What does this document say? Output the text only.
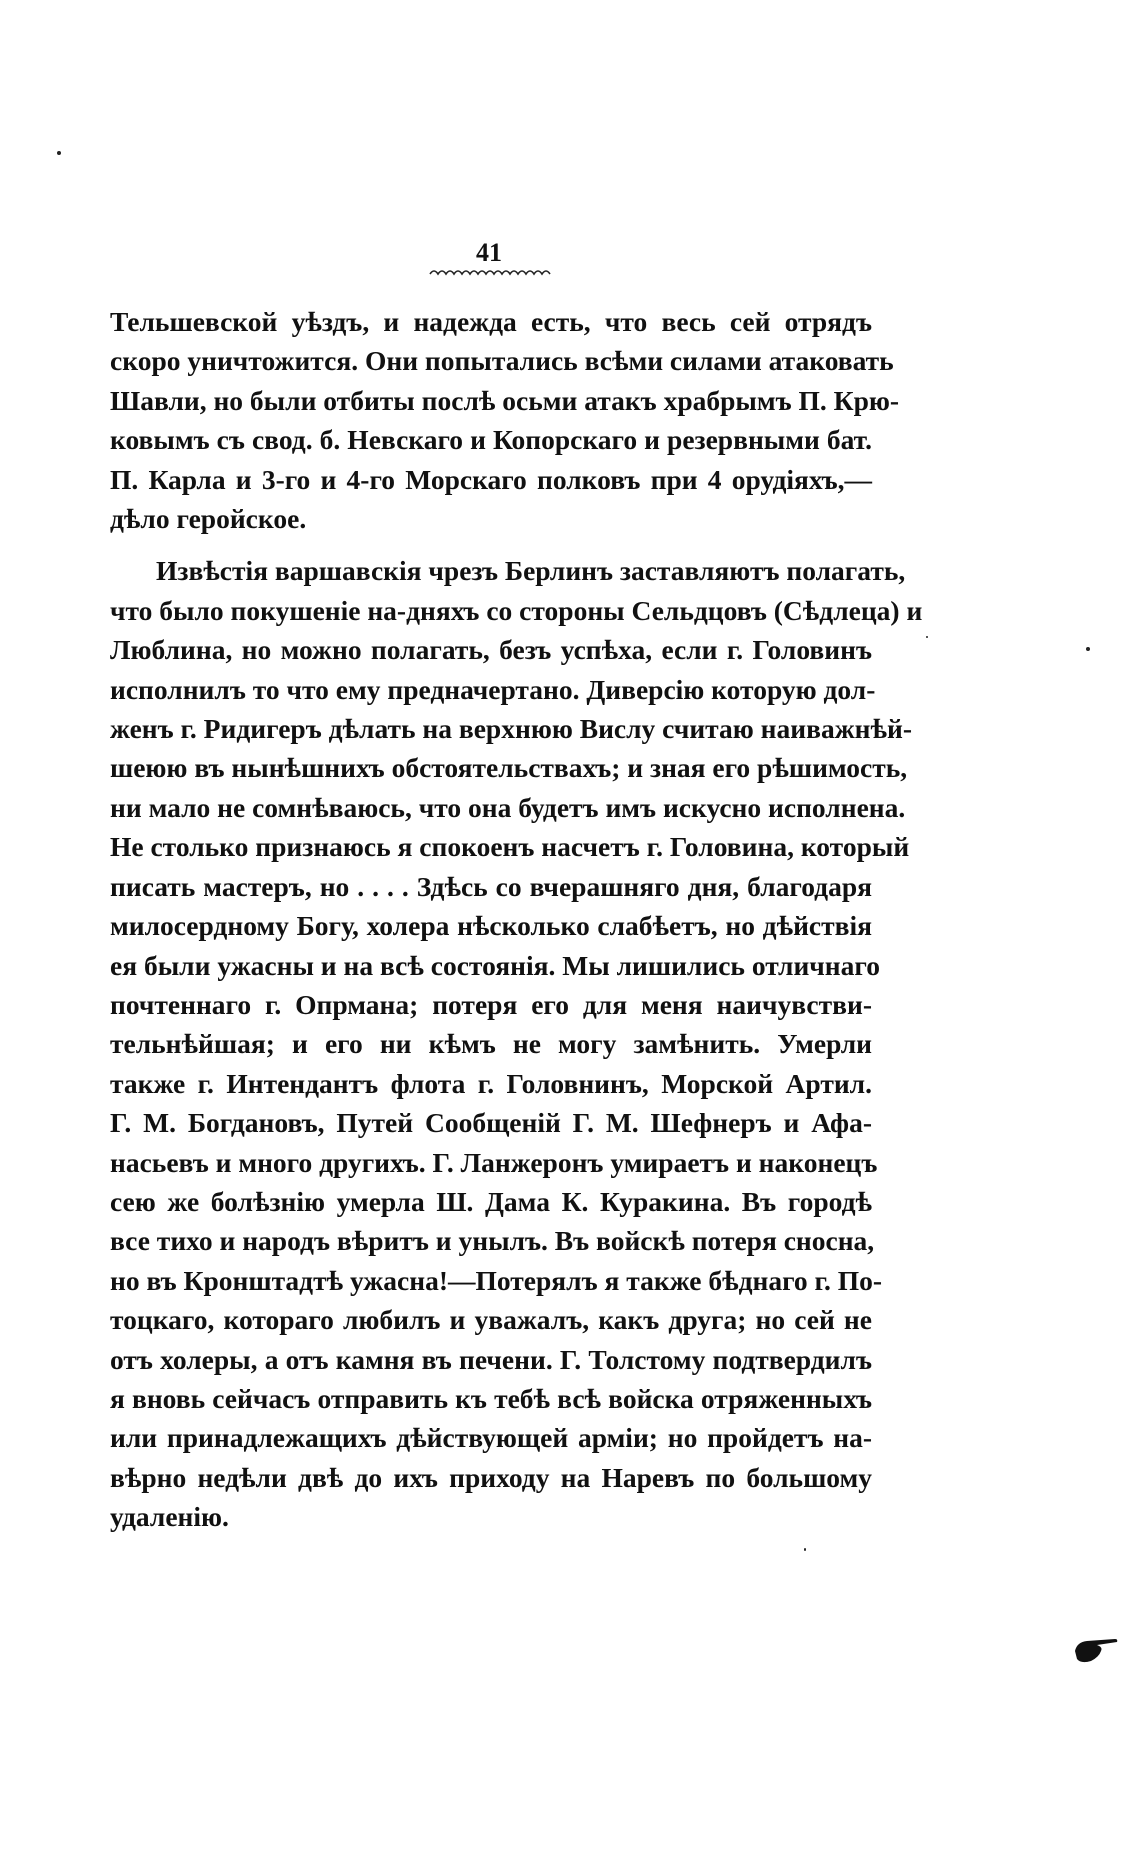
41
Тельшевской уѣздъ, и надежда есть, что весь сей отрядъ
скоро уничтожится. Они попытались всѣми силами атаковать
Шавли, но были отбиты послѣ осьми атакъ храбрымъ П. Крю-
ковымъ съ свод. б. Невскаго и Копорскаго и резервными бат.
П. Карла и 3-го и 4-го Морскаго полковъ при 4 орудіяхъ,—
дѣло геройское.
Извѣстія варшавскія чрезъ Берлинъ заставляютъ полагать,
что было покушеніе на-дняхъ со стороны Сельдцовъ (Сѣдлеца) и
Люблина, но можно полагать, безъ успѣха, если г. Головинъ
исполнилъ то что ему предначертано. Диверсію которую дол-
женъ г. Ридигеръ дѣлать на верхнюю Вислу считаю наиважнѣй-
шеюю въ нынѣшнихъ обстоятельствахъ; и зная его рѣшимость,
ни мало не сомнѣваюсь, что она будетъ имъ искусно исполнена.
Не столько признаюсь я спокоенъ насчетъ г. Головина, который
писать мастеръ, но . . . . Здѣсь со вчерашняго дня, благодаря
милосердному Богу, холера нѣсколько слабѣетъ, но дѣйствія
ея были ужасны и на всѣ состоянія. Мы лишились отличнаго
почтеннаго г. Опрмана; потеря его для меня наичувстви-
тельнѣйшая; и его ни кѣмъ не могу замѣнить. Умерли
также г. Интендантъ флота г. Головнинъ, Морской Артил.
Г. М. Богдановъ, Путей Сообщеній Г. М. Шефнеръ и Афа-
насьевъ и много другихъ. Г. Ланжеронъ умираетъ и наконецъ
сею же болѣзнію умерла Ш. Дама К. Куракина. Въ городѣ
все тихо и народъ вѣритъ и унылъ. Въ войскѣ потеря сносна,
но въ Кронштадтѣ ужасна!—Потерялъ я также бѣднаго г. По-
тоцкаго, котораго любилъ и уважалъ, какъ друга; но сей не
отъ холеры, а отъ камня въ печени. Г. Толстому подтвердилъ
я вновь сейчасъ отправить къ тебѣ всѣ войска отряженныхъ
или принадлежащихъ дѣйствующей арміи; но пройдетъ на-
вѣрно недѣли двѣ до ихъ приходу на Наревъ по большому
удаленію.
